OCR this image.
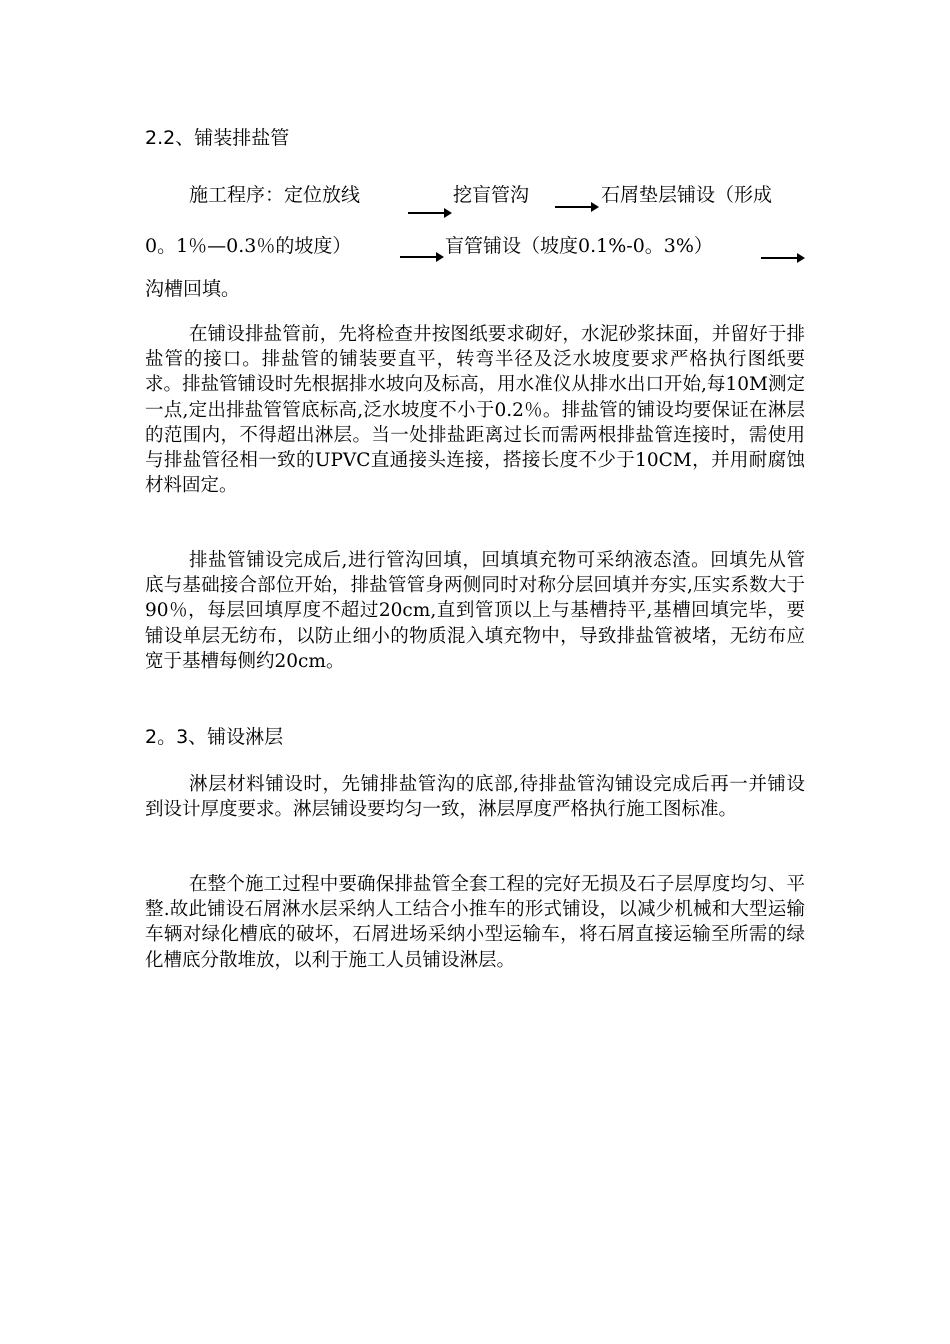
2.2、铺装排盐管
施工程序：定位放线	挖盲管沟	石屑垫层铺设（形成
0。1％—0.3％的坡度）	盲管铺设（坡度0.1%-0。3%）
沟槽回填。
在铺设排盐管前，先将检查井按图纸要求砌好，水泥砂浆抹面，并留好于排盐管的接口。排盐管的铺装要直平，转弯半径及泛水坡度要求严格执行图纸要求。排盐管铺设时先根据排水坡向及标高，用水准仪从排水出口开始,每10M测定一点,定出排盐管管底标高,泛水坡度不小于0.2％。排盐管的铺设均要保证在淋层的范围内，不得超出淋层。当一处排盐距离过长而需两根排盐管连接时，需使用与排盐管径相一致的UPVC直通接头连接，搭接长度不少于10CM，并用耐腐蚀材料固定。
排盐管铺设完成后,进行管沟回填，回填填充物可采纳液态渣。回填先从管底与基础接合部位开始，排盐管管身两侧同时对称分层回填并夯实,压实系数大于90％，每层回填厚度不超过20cm,直到管顶以上与基槽持平,基槽回填完毕，要铺设单层无纺布，以防止细小的物质混入填充物中，导致排盐管被堵，无纺布应宽于基槽每侧约20cm。
2。3、铺设淋层
淋层材料铺设时，先铺排盐管沟的底部,待排盐管沟铺设完成后再一并铺设到设计厚度要求。淋层铺设要均匀一致，淋层厚度严格执行施工图标准。
在整个施工过程中要确保排盐管全套工程的完好无损及石子层厚度均匀、平整.故此铺设石屑淋水层采纳人工结合小推车的形式铺设，以减少机械和大型运输车辆对绿化槽底的破坏，石屑进场采纳小型运输车，将石屑直接运输至所需的绿化槽底分散堆放，以利于施工人员铺设淋层。
